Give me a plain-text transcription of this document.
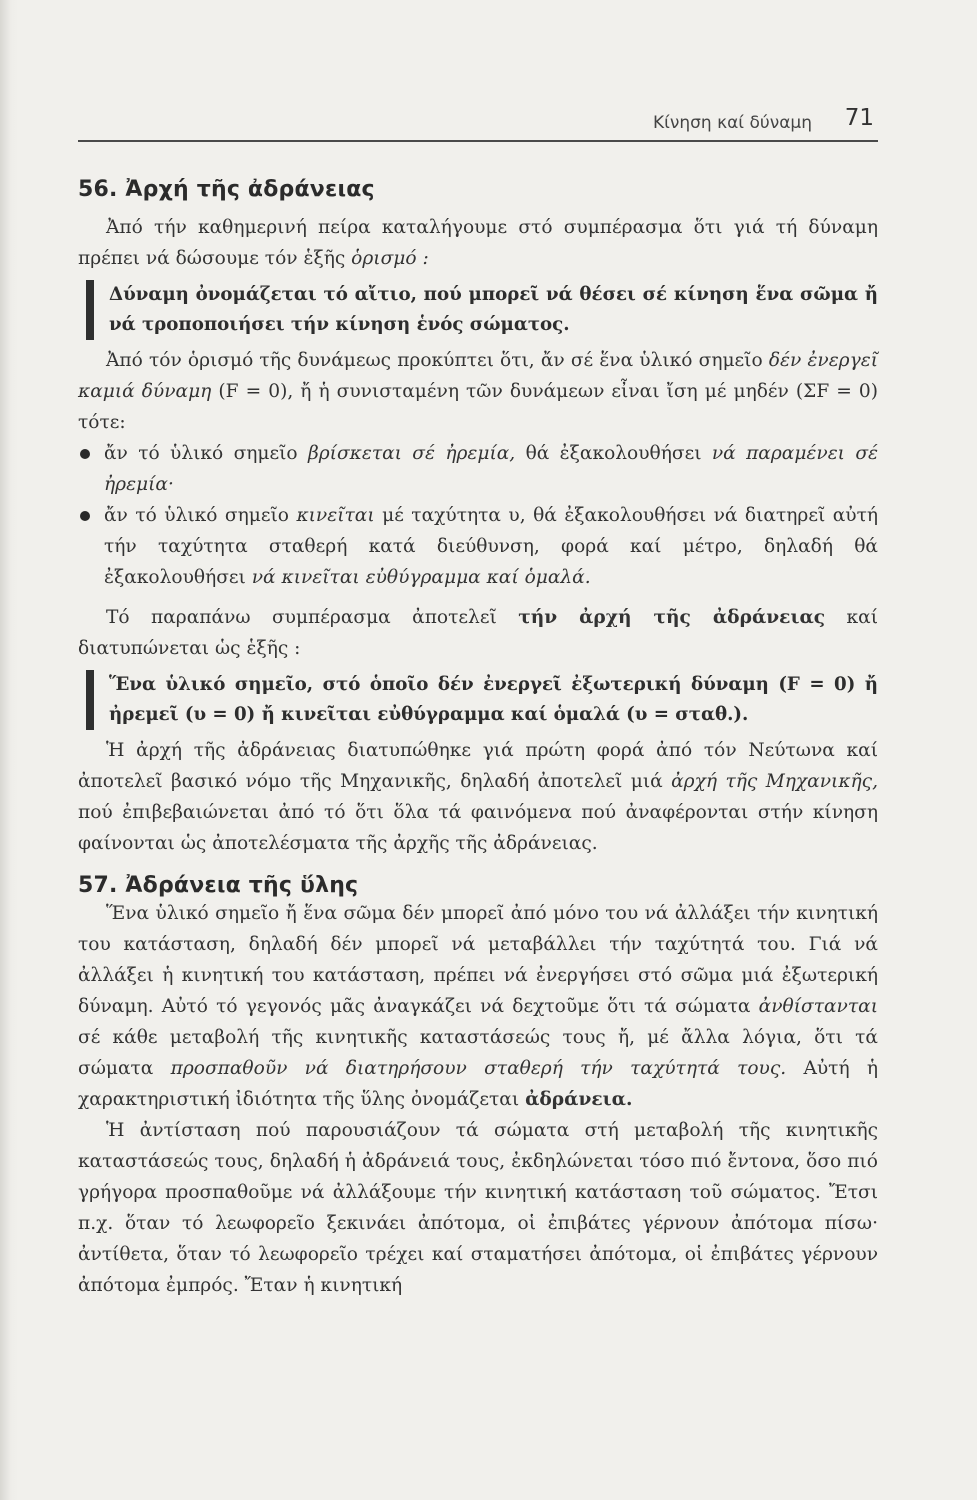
Κίνηση καί δύναμη 71
56. Ἀρχή τῆς ἀδράνειας

Ἀπό τήν καθημερινή πείρα καταλήγουμε στό συμπέρασμα ὅτι γιά τή δύναμη πρέπει νά δώσουμε τόν ἑξῆς ὁρισμό :

Δύναμη ὀνομάζεται τό αἴτιο, πού μπορεῖ νά θέσει σέ κίνηση ἕνα σῶμα ἤ νά τροποποιήσει τήν κίνηση ἑνός σώματος.

Ἀπό τόν ὁρισμό τῆς δυνάμεως προκύπτει ὅτι, ἄν σέ ἕνα ὑλικό σημεῖο δέν ἐνεργεῖ καμιά δύναμη (F = 0), ἤ ἡ συνισταμένη τῶν δυνάμεων εἶναι ἴση μέ μηδέν (ΣF = 0) τότε:

ἄν τό ὑλικό σημεῖο βρίσκεται σέ ἠρεμία, θά ἐξακολουθήσει νά παραμένει σέ ἠρεμία·

ἄν τό ὑλικό σημεῖο κινεῖται μέ ταχύτητα υ, θά ἐξακολουθήσει νά διατηρεῖ αὐτή τήν ταχύτητα σταθερή κατά διεύθυνση, φορά καί μέτρο, δηλαδή θά ἐξακολουθήσει νά κινεῖται εὐθύγραμμα καί ὁμαλά.

Τό παραπάνω συμπέρασμα ἀποτελεῖ τήν ἀρχή τῆς ἀδράνειας καί διατυπώνεται ὡς ἑξῆς :

Ἕνα ὑλικό σημεῖο, στό ὁποῖο δέν ἐνεργεῖ ἐξωτερική δύναμη (F = 0) ἤ ἠρεμεῖ (υ = 0) ἤ κινεῖται εὐθύγραμμα καί ὁμαλά (υ = σταθ.).

Ἡ ἀρχή τῆς ἀδράνειας διατυπώθηκε γιά πρώτη φορά ἀπό τόν Νεύτωνα καί ἀποτελεῖ βασικό νόμο τῆς Μηχανικῆς, δηλαδή ἀποτελεῖ μιά ἀρχή τῆς Μηχανικῆς, πού ἐπιβεβαιώνεται ἀπό τό ὅτι ὅλα τά φαινόμενα πού ἀναφέρονται στήν κίνηση φαίνονται ὡς ἀποτελέσματα τῆς ἀρχῆς τῆς ἀδράνειας.

57. Ἀδράνεια τῆς ὕλης

Ἕνα ὑλικό σημεῖο ἤ ἕνα σῶμα δέν μπορεῖ ἀπό μόνο του νά ἀλλάξει τήν κινητική του κατάσταση, δηλαδή δέν μπορεῖ νά μεταβάλλει τήν ταχύτητά του. Γιά νά ἀλλάξει ἡ κινητική του κατάσταση, πρέπει νά ἐνεργήσει στό σῶμα μιά ἐξωτερική δύναμη. Αὐτό τό γεγονός μᾶς ἀναγκάζει νά δεχτοῦμε ὅτι τά σώματα ἀνθίστανται σέ κάθε μεταβολή τῆς κινητικῆς καταστάσεώς τους ἤ, μέ ἄλλα λόγια, ὅτι τά σώματα προσπαθοῦν νά διατηρήσουν σταθερή τήν ταχύτητά τους. Αὐτή ἡ χαρακτηριστική ἰδιότητα τῆς ὕλης ὀνομάζεται ἀδράνεια.

Ἡ ἀντίσταση πού παρουσιάζουν τά σώματα στή μεταβολή τῆς κινητικῆς καταστάσεώς τους, δηλαδή ἡ ἀδράνειά τους, ἐκδηλώνεται τόσο πιό ἔντονα, ὅσο πιό γρήγορα προσπαθοῦμε νά ἀλλάξουμε τήν κινητική κατάσταση τοῦ σώματος. Ἔτσι π.χ. ὅταν τό λεωφορεῖο ξεκινάει ἀπότομα, οἱ ἐπιβάτες γέρνουν ἀπότομα πίσω· ἀντίθετα, ὅταν τό λεωφορεῖο τρέχει καί σταματήσει ἀπότομα, οἱ ἐπιβάτες γέρνουν ἀπότομα ἐμπρός. Ἔταν ἡ κινητική
